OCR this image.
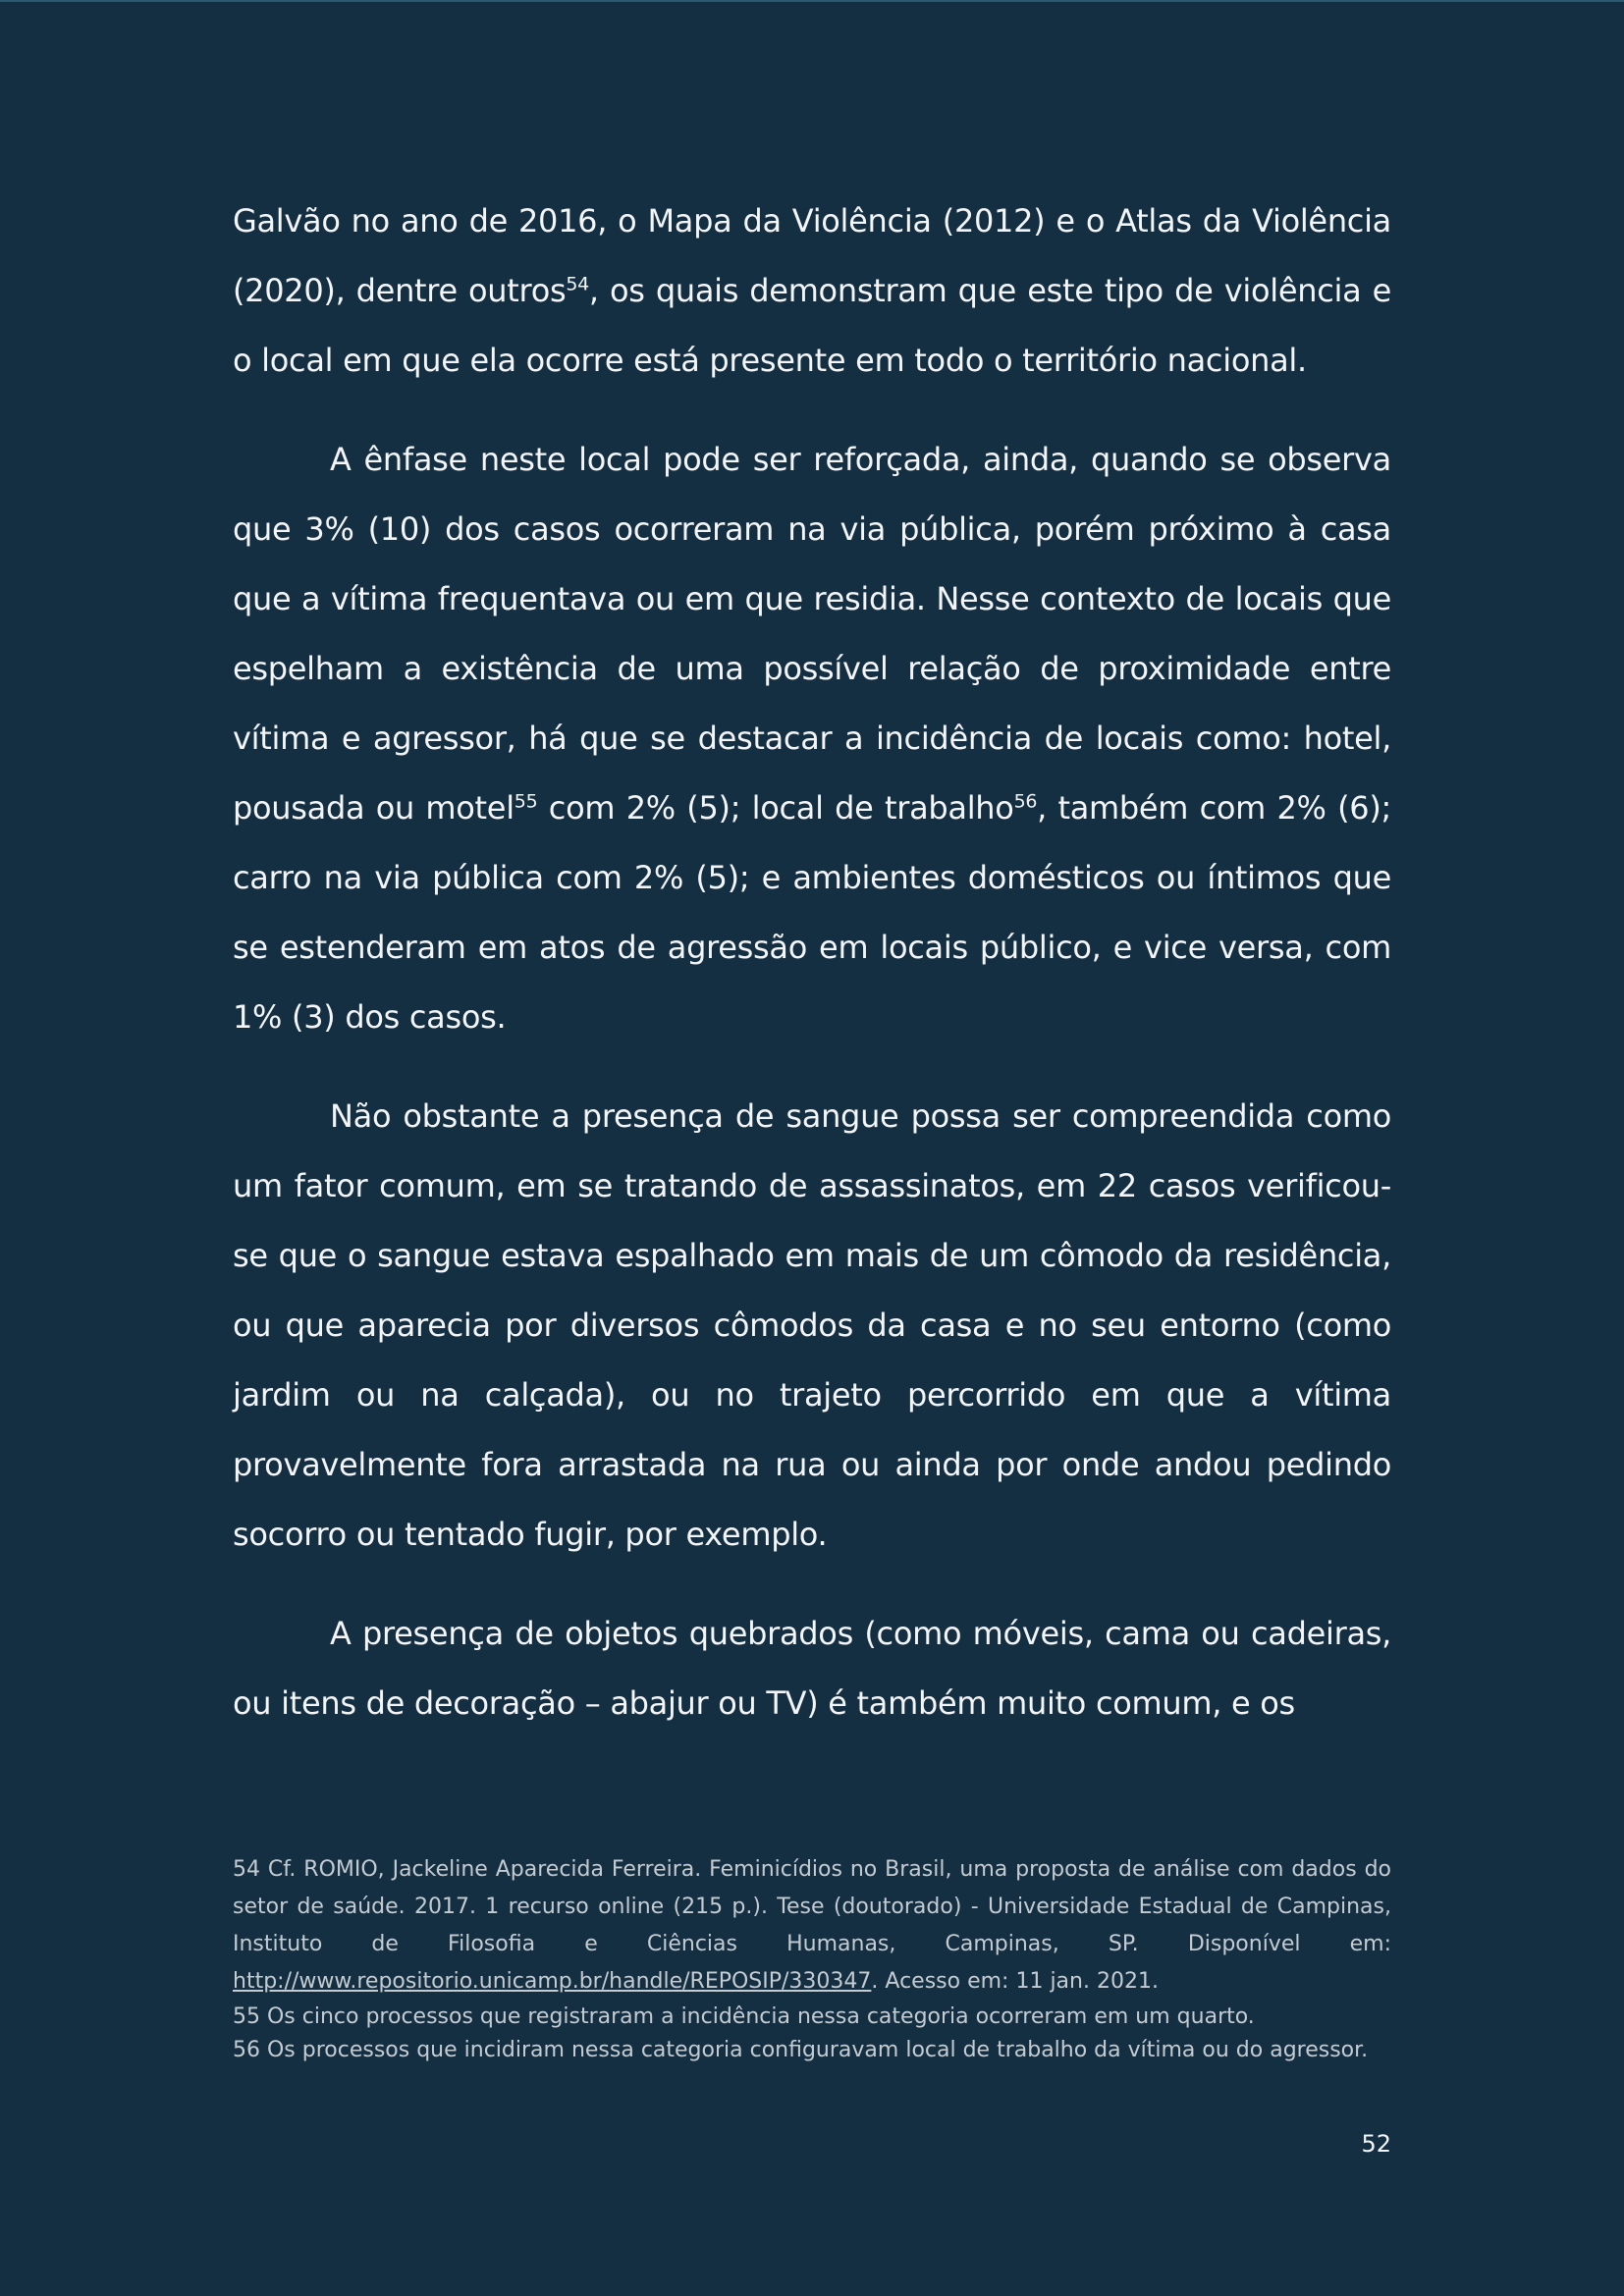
Galvão no ano de 2016, o Mapa da Violência (2012) e o Atlas da Violência (2020), dentre outros$^{54}$, os quais demonstram que este tipo de violência e o local em que ela ocorre está presente em todo o território nacional.

A ênfase neste local pode ser reforçada, ainda, quando se observa que 3% (10) dos casos ocorreram na via pública, porém próximo à casa que a vítima frequentava ou em que residia. Nesse contexto de locais que espelham a existência de uma possível relação de proximidade entre vítima e agressor, há que se destacar a incidência de locais como: hotel, pousada ou motel$^{55}$ com 2% (5); local de trabalho$^{56}$, também com 2% (6); carro na via pública com 2% (5); e ambientes domésticos ou íntimos que se estenderam em atos de agressão em locais público, e vice versa, com 1% (3) dos casos.

Não obstante a presença de sangue possa ser compreendida como um fator comum, em se tratando de assassinatos, em 22 casos verificou-se que o sangue estava espalhado em mais de um cômodo da residência, ou que aparecia por diversos cômodos da casa e no seu entorno (como jardim ou na calçada), ou no trajeto percorrido em que a vítima provavelmente fora arrastada na rua ou ainda por onde andou pedindo socorro ou tentado fugir, por exemplo.

A presença de objetos quebrados (como móveis, cama ou cadeiras, ou itens de decoração – abajur ou TV) é também muito comum, e os

54 Cf. ROMIO, Jackeline Aparecida Ferreira. Feminicídios no Brasil, uma proposta de análise com dados do setor de saúde. 2017. 1 recurso online (215 p.). Tese (doutorado) - Universidade Estadual de Campinas, Instituto de Filosofia e Ciências Humanas, Campinas, SP. Disponível em: http://www.repositorio.unicamp.br/handle/REPOSIP/330347. Acesso em: 11 jan. 2021.

55 Os cinco processos que registraram a incidência nessa categoria ocorreram em um quarto.

56 Os processos que incidiram nessa categoria configuravam local de trabalho da vítima ou do agressor.

52
